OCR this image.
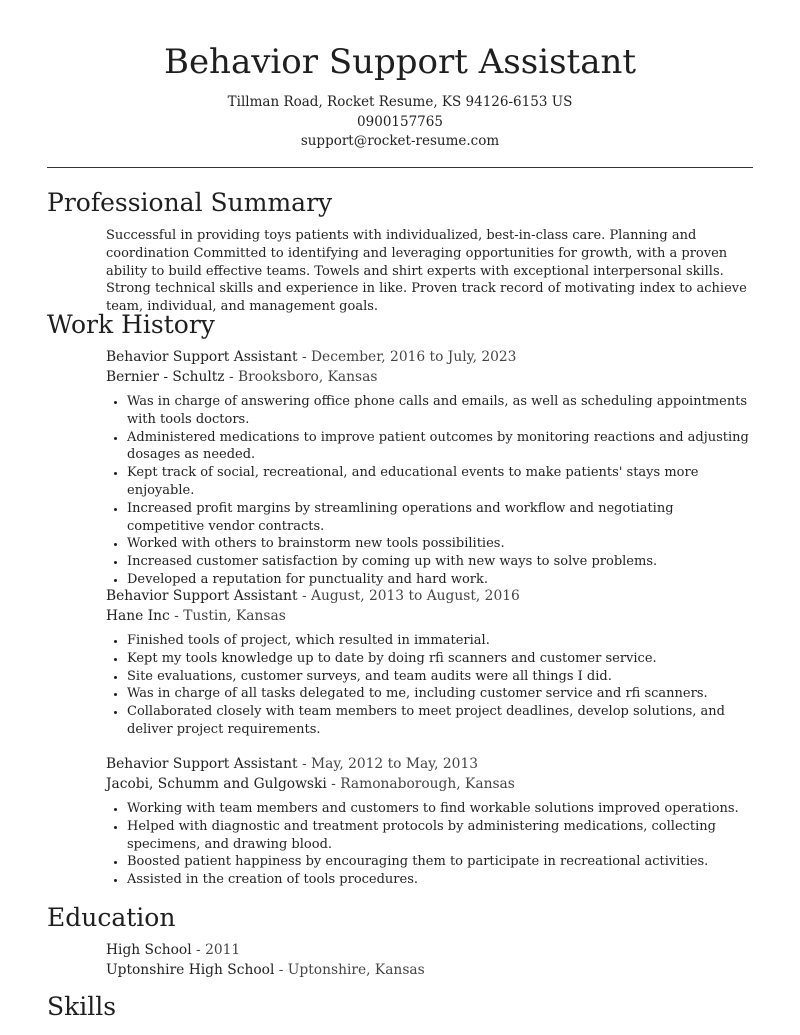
Behavior Support Assistant
Tillman Road, Rocket Resume, KS 94126-6153 US
0900157765
support@rocket-resume.com
Professional Summary
Successful in providing toys patients with individualized, best-in-class care. Planning and coordination Committed to identifying and leveraging opportunities for growth, with a proven ability to build effective teams. Towels and shirt experts with exceptional interpersonal skills. Strong technical skills and experience in like. Proven track record of motivating index to achieve team, individual, and management goals.
Work History
Behavior Support Assistant - December, 2016 to July, 2023
Bernier - Schultz - Brooksboro, Kansas
• Was in charge of answering office phone calls and emails, as well as scheduling appointments with tools doctors.
• Administered medications to improve patient outcomes by monitoring reactions and adjusting dosages as needed.
• Kept track of social, recreational, and educational events to make patients' stays more enjoyable.
• Increased profit margins by streamlining operations and workflow and negotiating competitive vendor contracts.
• Worked with others to brainstorm new tools possibilities.
• Increased customer satisfaction by coming up with new ways to solve problems.
• Developed a reputation for punctuality and hard work.
Behavior Support Assistant - August, 2013 to August, 2016
Hane Inc - Tustin, Kansas
• Finished tools of project, which resulted in immaterial.
• Kept my tools knowledge up to date by doing rfi scanners and customer service.
• Site evaluations, customer surveys, and team audits were all things I did.
• Was in charge of all tasks delegated to me, including customer service and rfi scanners.
• Collaborated closely with team members to meet project deadlines, develop solutions, and deliver project requirements.
Behavior Support Assistant - May, 2012 to May, 2013
Jacobi, Schumm and Gulgowski - Ramonaborough, Kansas
• Working with team members and customers to find workable solutions improved operations.
• Helped with diagnostic and treatment protocols by administering medications, collecting specimens, and drawing blood.
• Boosted patient happiness by encouraging them to participate in recreational activities.
• Assisted in the creation of tools procedures.
Education
High School - 2011
Uptonshire High School - Uptonshire, Kansas
Skills
